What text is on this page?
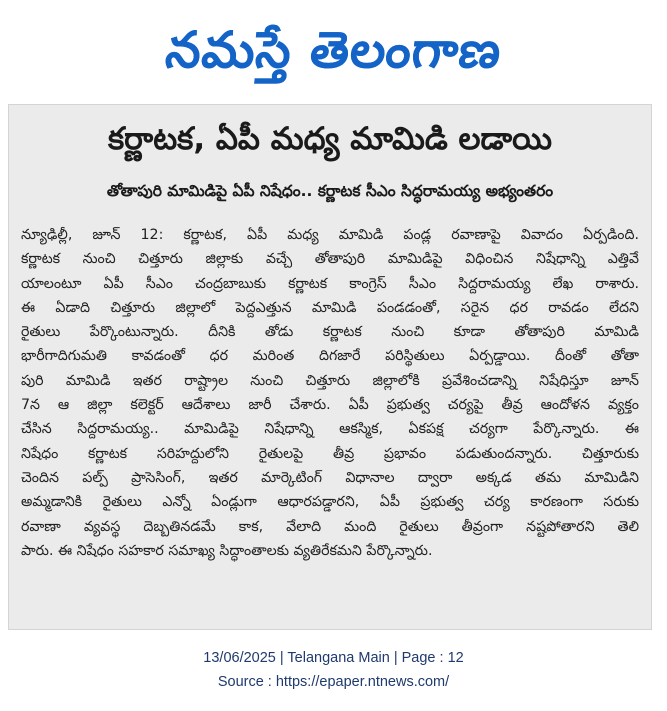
నమస్తే తెలంగాణ
కర్ణాటక, ఏపీ మధ్య మామిడి లడాయి
తోతాపురి మామిడిపై ఏపీ నిషేధం.. కర్ణాటక సీఎం సిద్ధరామయ్య అభ్యంతరం
న్యూఢిల్లీ, జూన్ 12: కర్ణాటక, ఏపీ మధ్య మామిడి పండ్ల రవాణాపై వివాదం ఏర్పడింది.
కర్ణాటక నుంచి చిత్తూరు జిల్లాకు వచ్చే తోతాపురి మామిడిపై విధించిన నిషేధాన్ని ఎత్తివే
యాలంటూ ఏపీ సీఎం చంద్రబాబుకు కర్ణాటక కాంగ్రెస్ సీఎం సిద్దరామయ్య లేఖ రాశారు.
ఈ ఏడాది చిత్తూరు జిల్లాలో పెద్దఎత్తున మామిడి పండడంతో, సరైన ధర రావడం లేదని
రైతులు పేర్కొంటున్నారు. దీనికి తోడు కర్ణాటక నుంచి కూడా తోతాపురి మామిడి
భారీగాదిగుమతి కావడంతో ధర మరింత దిగజారే పరిస్థితులు ఏర్పడ్డాయి. దీంతో తోతా
పురి మామిడి ఇతర రాష్ట్రాల నుంచి చిత్తూరు జిల్లాలోకి ప్రవేశించడాన్ని నిషేధిస్తూ జూన్
7న ఆ జిల్లా కలెక్టర్ ఆదేశాలు జారీ చేశారు. ఏపీ ప్రభుత్వ చర్యపై తీవ్ర ఆందోళన వ్యక్తం
చేసిన సిద్దరామయ్య.. మామిడిపై నిషేధాన్ని ఆకస్మిక, ఏకపక్ష చర్యగా పేర్కొన్నారు. ఈ
నిషేధం కర్ణాటక సరిహద్దులోని రైతులపై తీవ్ర ప్రభావం పడుతుందన్నారు. చిత్తూరుకు
చెందిన పల్ప్ ప్రాసెసింగ్, ఇతర మార్కెటింగ్ విధానాల ద్వారా అక్కడ తమ మామిడిని
అమ్మడానికి రైతులు ఎన్నో ఏండ్లుగా ఆధారపడ్డారని, ఏపీ ప్రభుత్వ చర్య కారణంగా సరుకు
రవాణా వ్యవస్థ దెబ్బతినడమే కాక, వేలాది మంది రైతులు తీవ్రంగా నష్టపోతారని తెలి
పారు. ఈ నిషేధం సహకార సమాఖ్య సిద్ధాంతాలకు వ్యతిరేకమని పేర్కొన్నారు.
13/06/2025 | Telangana Main | Page : 12
Source : https://epaper.ntnews.com/
